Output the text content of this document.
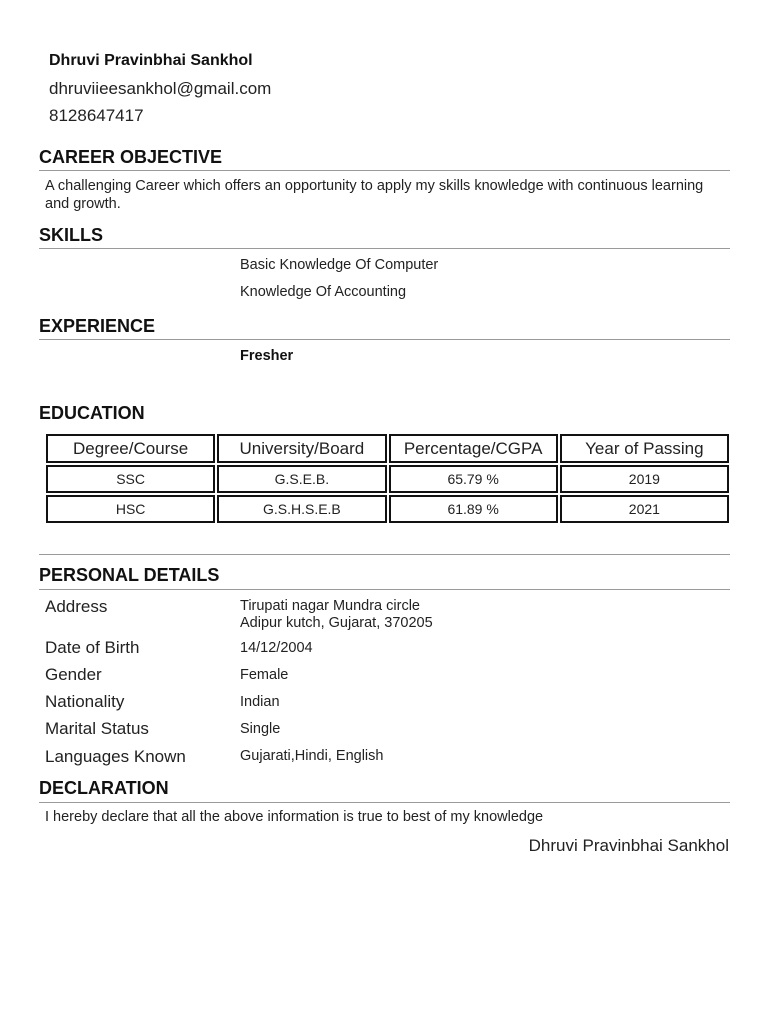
Dhruvi Pravinbhai Sankhol
dhruviieesankhol@gmail.com
8128647417
CAREER OBJECTIVE
A challenging Career which offers an opportunity to apply my skills knowledge with continuous learning and growth.
SKILLS
Basic Knowledge Of Computer
Knowledge Of Accounting
EXPERIENCE
Fresher
EDUCATION
Degree/Course	University/Board	Percentage/CGPA	Year of Passing
SSC	G.S.E.B.	65.79 %	2019
HSC	G.S.H.S.E.B	61.89 %	2021
PERSONAL DETAILS
Address	Tirupati nagar Mundra circle
Adipur kutch, Gujarat, 370205
Date of Birth	14/12/2004
Gender	Female
Nationality	Indian
Marital Status	Single
Languages Known	Gujarati,Hindi, English
DECLARATION
I hereby declare that all the above information is true to best of my knowledge
Dhruvi Pravinbhai Sankhol
